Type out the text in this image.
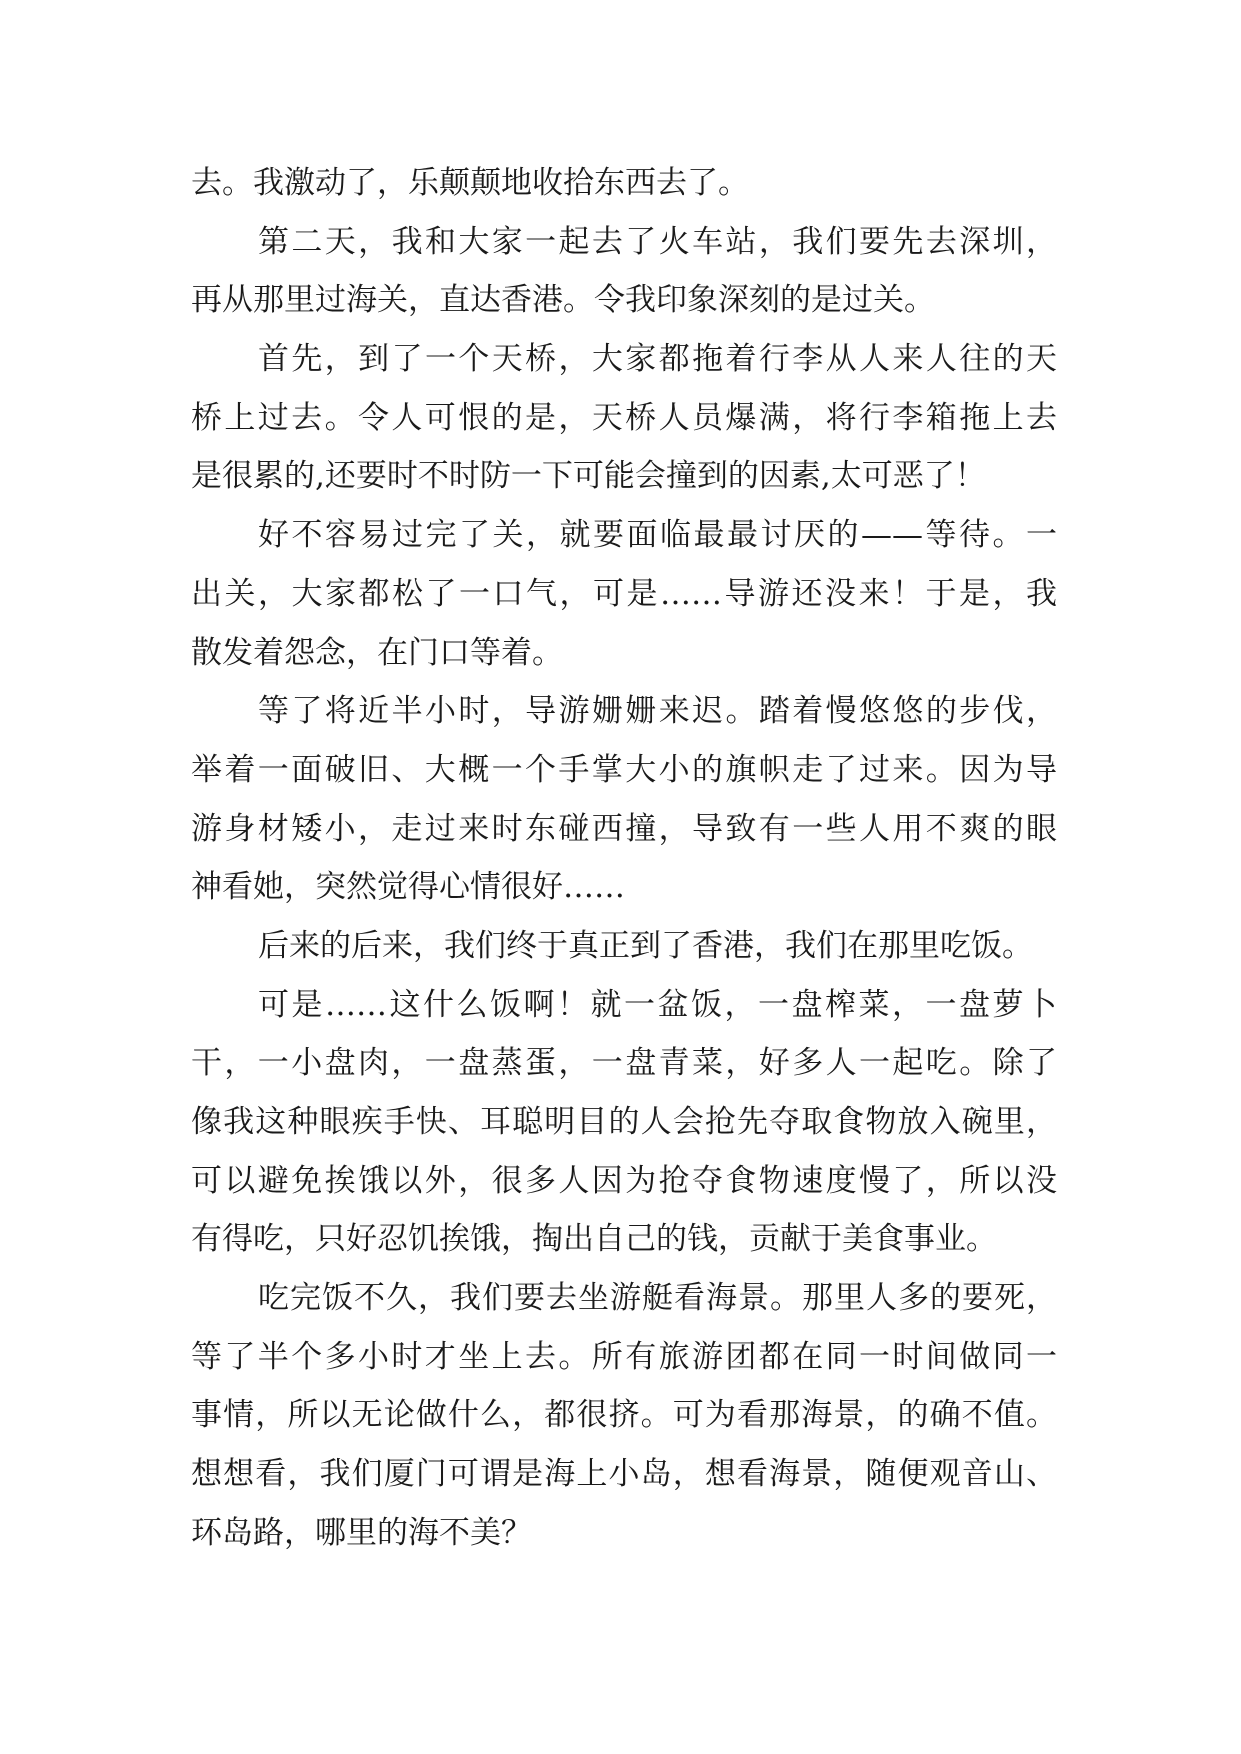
去。我激动了，乐颠颠地收拾东西去了。
第二天，我和大家一起去了火车站，我们要先去深圳，
再从那里过海关，直达香港。令我印象深刻的是过关。
首先，到了一个天桥，大家都拖着行李从人来人往的天
桥上过去。令人可恨的是，天桥人员爆满，将行李箱拖上去
是很累的,还要时不时防一下可能会撞到的因素,太可恶了！
好不容易过完了关，就要面临最最讨厌的——等待。一
出关，大家都松了一口气，可是……导游还没来！于是，我
散发着怨念，在门口等着。
等了将近半小时，导游姗姗来迟。踏着慢悠悠的步伐，
举着一面破旧、大概一个手掌大小的旗帜走了过来。因为导
游身材矮小，走过来时东碰西撞，导致有一些人用不爽的眼
神看她，突然觉得心情很好……
后来的后来，我们终于真正到了香港，我们在那里吃饭。
可是……这什么饭啊！就一盆饭，一盘榨菜，一盘萝卜
干，一小盘肉，一盘蒸蛋，一盘青菜，好多人一起吃。除了
像我这种眼疾手快、耳聪明目的人会抢先夺取食物放入碗里，
可以避免挨饿以外，很多人因为抢夺食物速度慢了，所以没
有得吃，只好忍饥挨饿，掏出自己的钱，贡献于美食事业。
吃完饭不久，我们要去坐游艇看海景。那里人多的要死，
等了半个多小时才坐上去。所有旅游团都在同一时间做同一
事情，所以无论做什么，都很挤。可为看那海景，的确不值。
想想看，我们厦门可谓是海上小岛，想看海景，随便观音山、
环岛路，哪里的海不美？
